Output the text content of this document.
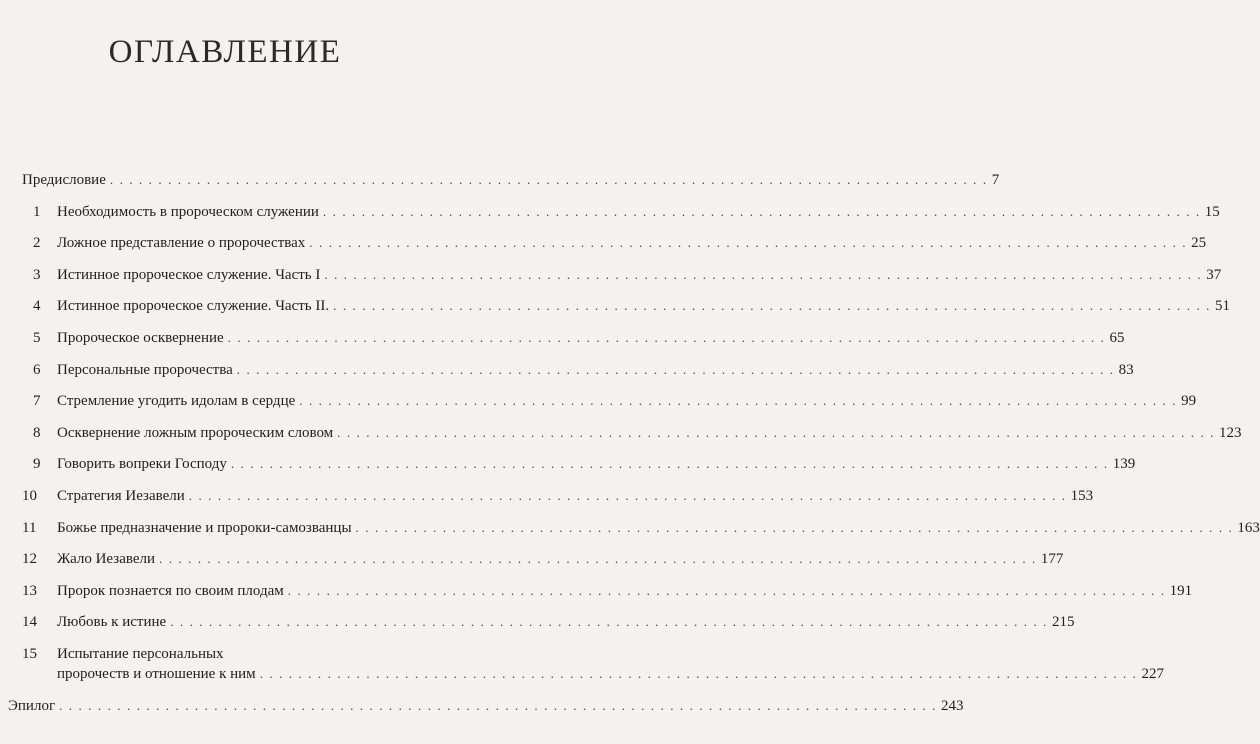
ОГЛАВЛЕНИЕ
Предисловие . . .	7
1	Необходимость в пророческом служении . . .	15
2	Ложное представление о пророчествах . . .	25
3	Истинное пророческое служение. Часть I . . .	37
4	Истинное пророческое служение. Часть II. . . .	51
5	Пророческое осквернение . . .	65
6	Персональные пророчества . . .	83
7	Стремление угодить идолам в сердце . . .	99
8	Осквернение ложным пророческим словом . . .	123
9	Говорить вопреки Господу . . .	139
10	Стратегия Иезавели . . .	153
11	Божье предназначение и пророки-самозванцы . . .	163
12	Жало Иезавели . . .	177
13	Пророк познается по своим плодам . . .	191
14	Любовь к истине . . .	215
15	Испытание персональных
пророчеств и отношение к ним . . .	227
Эпилог . . .	243
